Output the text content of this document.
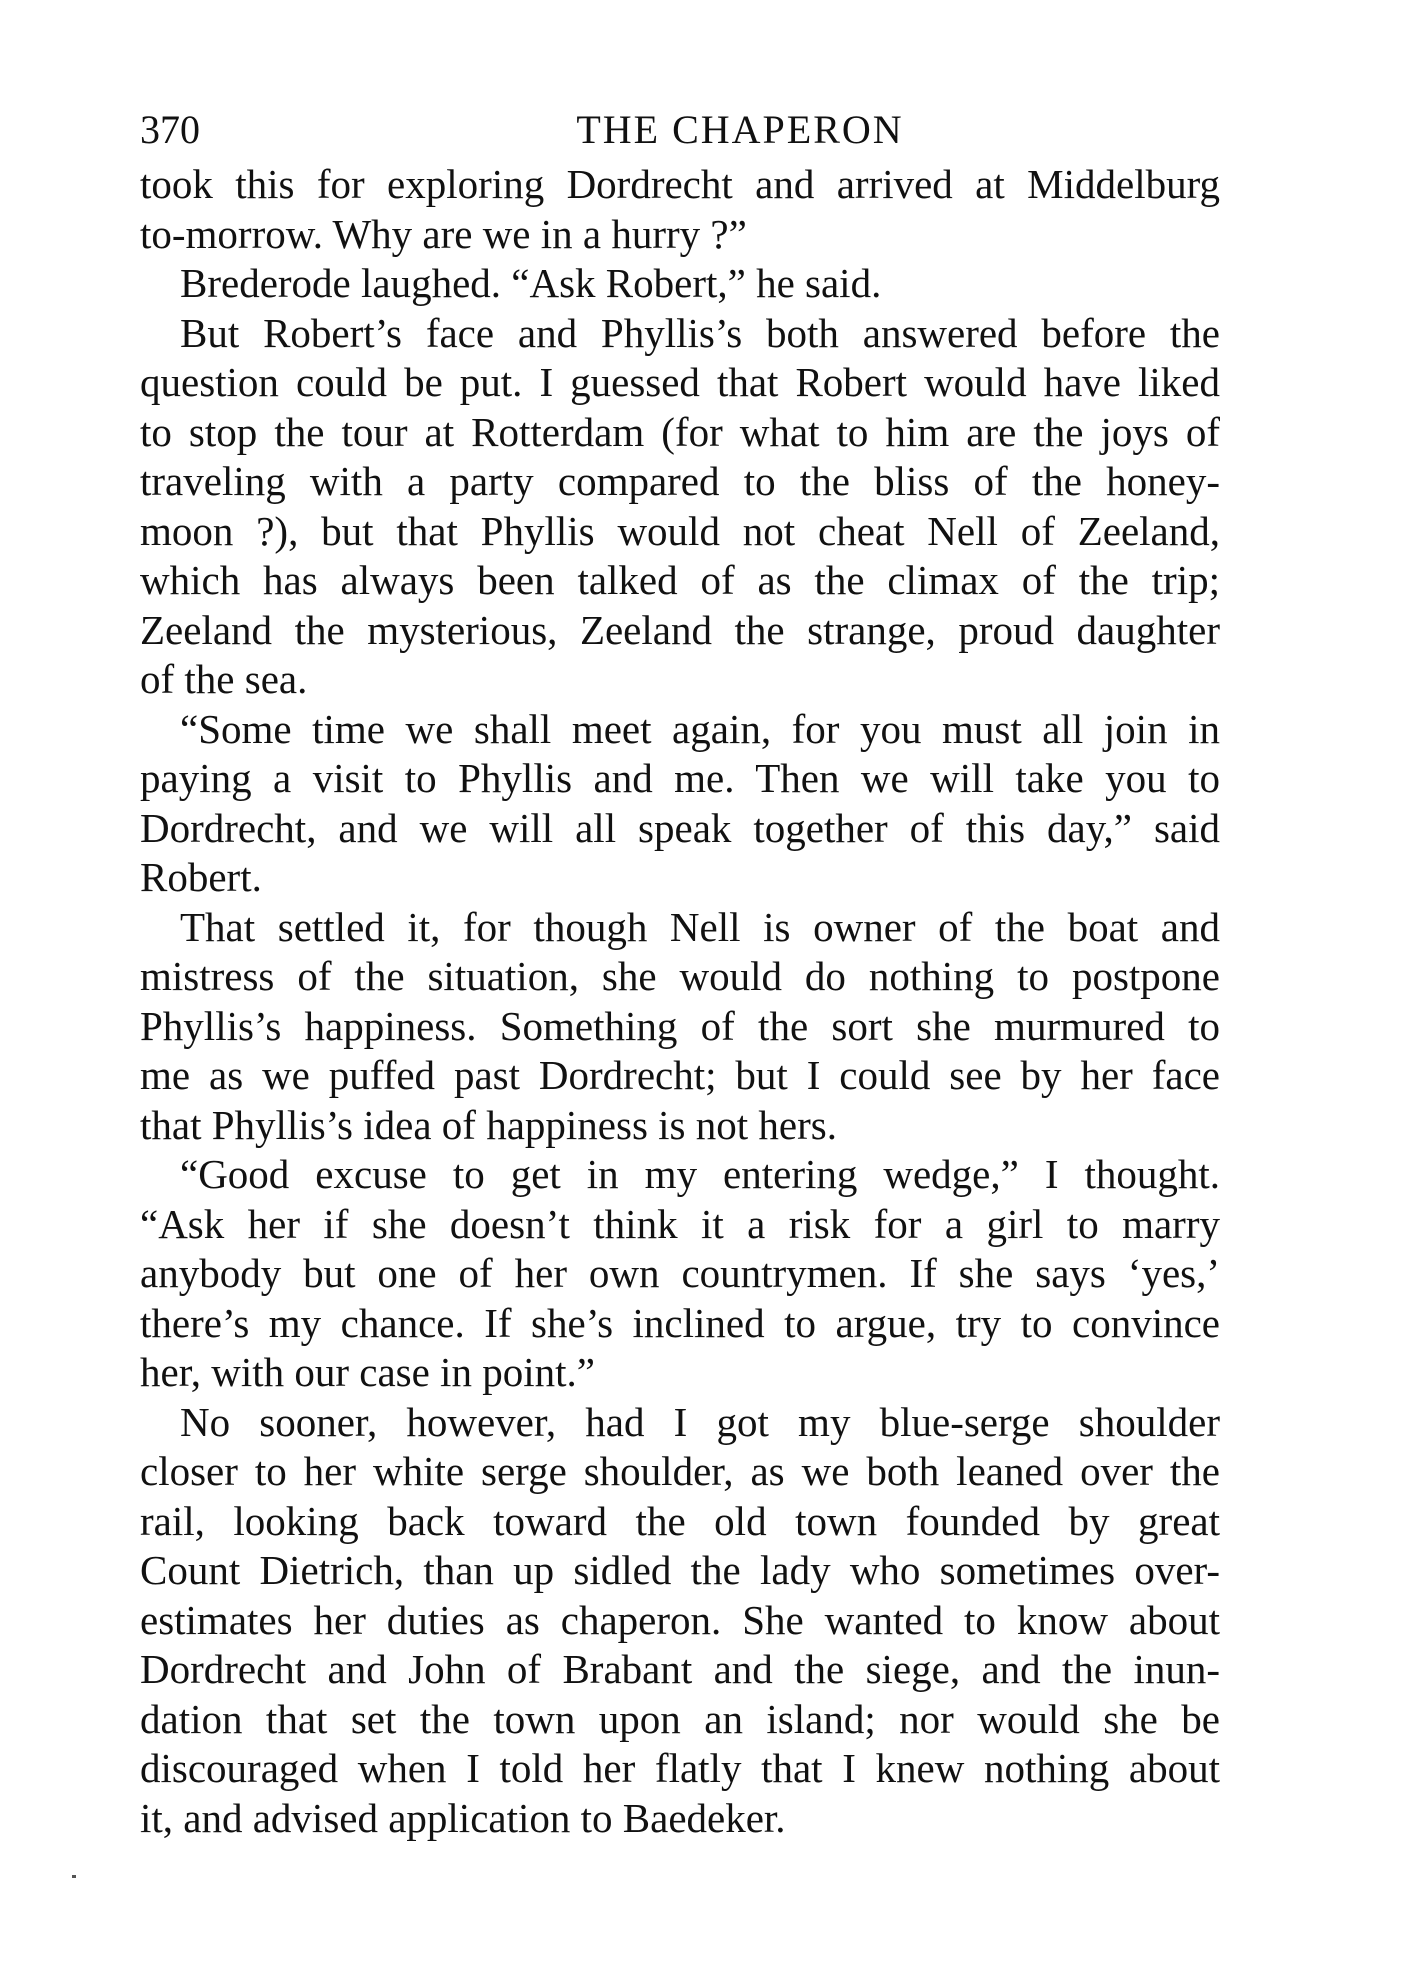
370	THE CHAPERON
took this for exploring Dordrecht and arrived at Middelburg
to-morrow. Why are we in a hurry ?”
Brederode laughed. “Ask Robert,” he said.
But Robert’s face and Phyllis’s both answered before the
question could be put. I guessed that Robert would have liked
to stop the tour at Rotterdam (for what to him are the joys of
traveling with a party compared to the bliss of the honey-
moon ?), but that Phyllis would not cheat Nell of Zeeland,
which has always been talked of as the climax of the trip;
Zeeland the mysterious, Zeeland the strange, proud daughter
of the sea.
“Some time we shall meet again, for you must all join in
paying a visit to Phyllis and me. Then we will take you to
Dordrecht, and we will all speak together of this day,” said
Robert.
That settled it, for though Nell is owner of the boat and
mistress of the situation, she would do nothing to postpone
Phyllis’s happiness. Something of the sort she murmured to
me as we puffed past Dordrecht; but I could see by her face
that Phyllis’s idea of happiness is not hers.
“Good excuse to get in my entering wedge,” I thought.
“Ask her if she doesn’t think it a risk for a girl to marry
anybody but one of her own countrymen. If she says ‘yes,’
there’s my chance. If she’s inclined to argue, try to convince
her, with our case in point.”
No sooner, however, had I got my blue-serge shoulder
closer to her white serge shoulder, as we both leaned over the
rail, looking back toward the old town founded by great
Count Dietrich, than up sidled the lady who sometimes over-
estimates her duties as chaperon. She wanted to know about
Dordrecht and John of Brabant and the siege, and the inun-
dation that set the town upon an island; nor would she be
discouraged when I told her flatly that I knew nothing about
it, and advised application to Baedeker.
